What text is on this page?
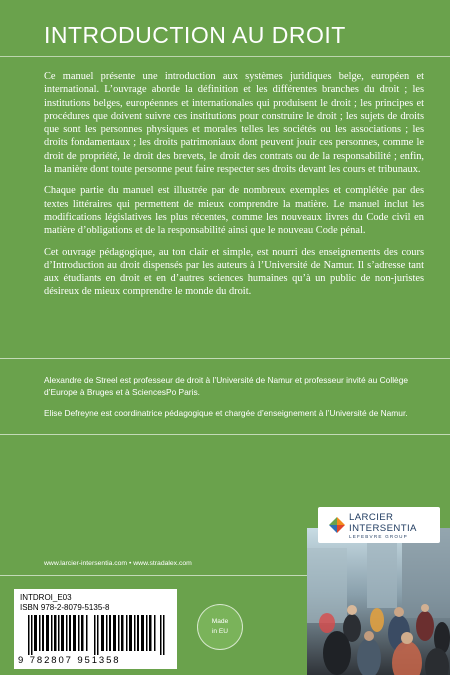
INTRODUCTION AU DROIT

Ce manuel présente une introduction aux systèmes juridiques belge, européen et international. L’ouvrage aborde la définition et les différentes branches du droit ; les institutions belges, européennes et internationales qui produisent le droit ; les principes et procédures que doivent suivre ces institutions pour construire le droit ; les sujets de droits que sont les personnes physiques et morales telles les sociétés ou les associations ; les droits fondamentaux ; les droits patrimoniaux dont peuvent jouir ces personnes, comme le droit de propriété, le droit des brevets, le droit des contrats ou de la responsabilité ; enfin, la manière dont toute personne peut faire respecter ses droits devant les cours et tribunaux.

Chaque partie du manuel est illustrée par de nombreux exemples et complétée par des textes littéraires qui permettent de mieux comprendre la matière. Le manuel inclut les modifications législatives les plus récentes, comme les nouveaux livres du Code civil en matière d’obligations et de la responsabilité ainsi que le nouveau Code pénal.

Cet ouvrage pédagogique, au ton clair et simple, est nourri des enseignements des cours d’Introduction au droit dispensés par les auteurs à l’Université de Namur. Il s’adresse tant aux étudiants en droit et en d’autres sciences humaines qu’à un public de non-juristes désireux de mieux comprendre le monde du droit.

Alexandre de Streel est professeur de droit à l’Université de Namur et professeur invité au Collège d’Europe à Bruges et à SciencesPo Paris.

Elise Defreyne est coordinatrice pédagogique et chargée d’enseignement à l’Université de Namur.

LARCIER
INTERSENTIA
LEFEBVRE GROUP
www.larcier-intersentia.com • www.stradalex.com
INTDROI_E03
ISBN 978-2-8079-5135-8
9 782807 951358
Made
in EU
